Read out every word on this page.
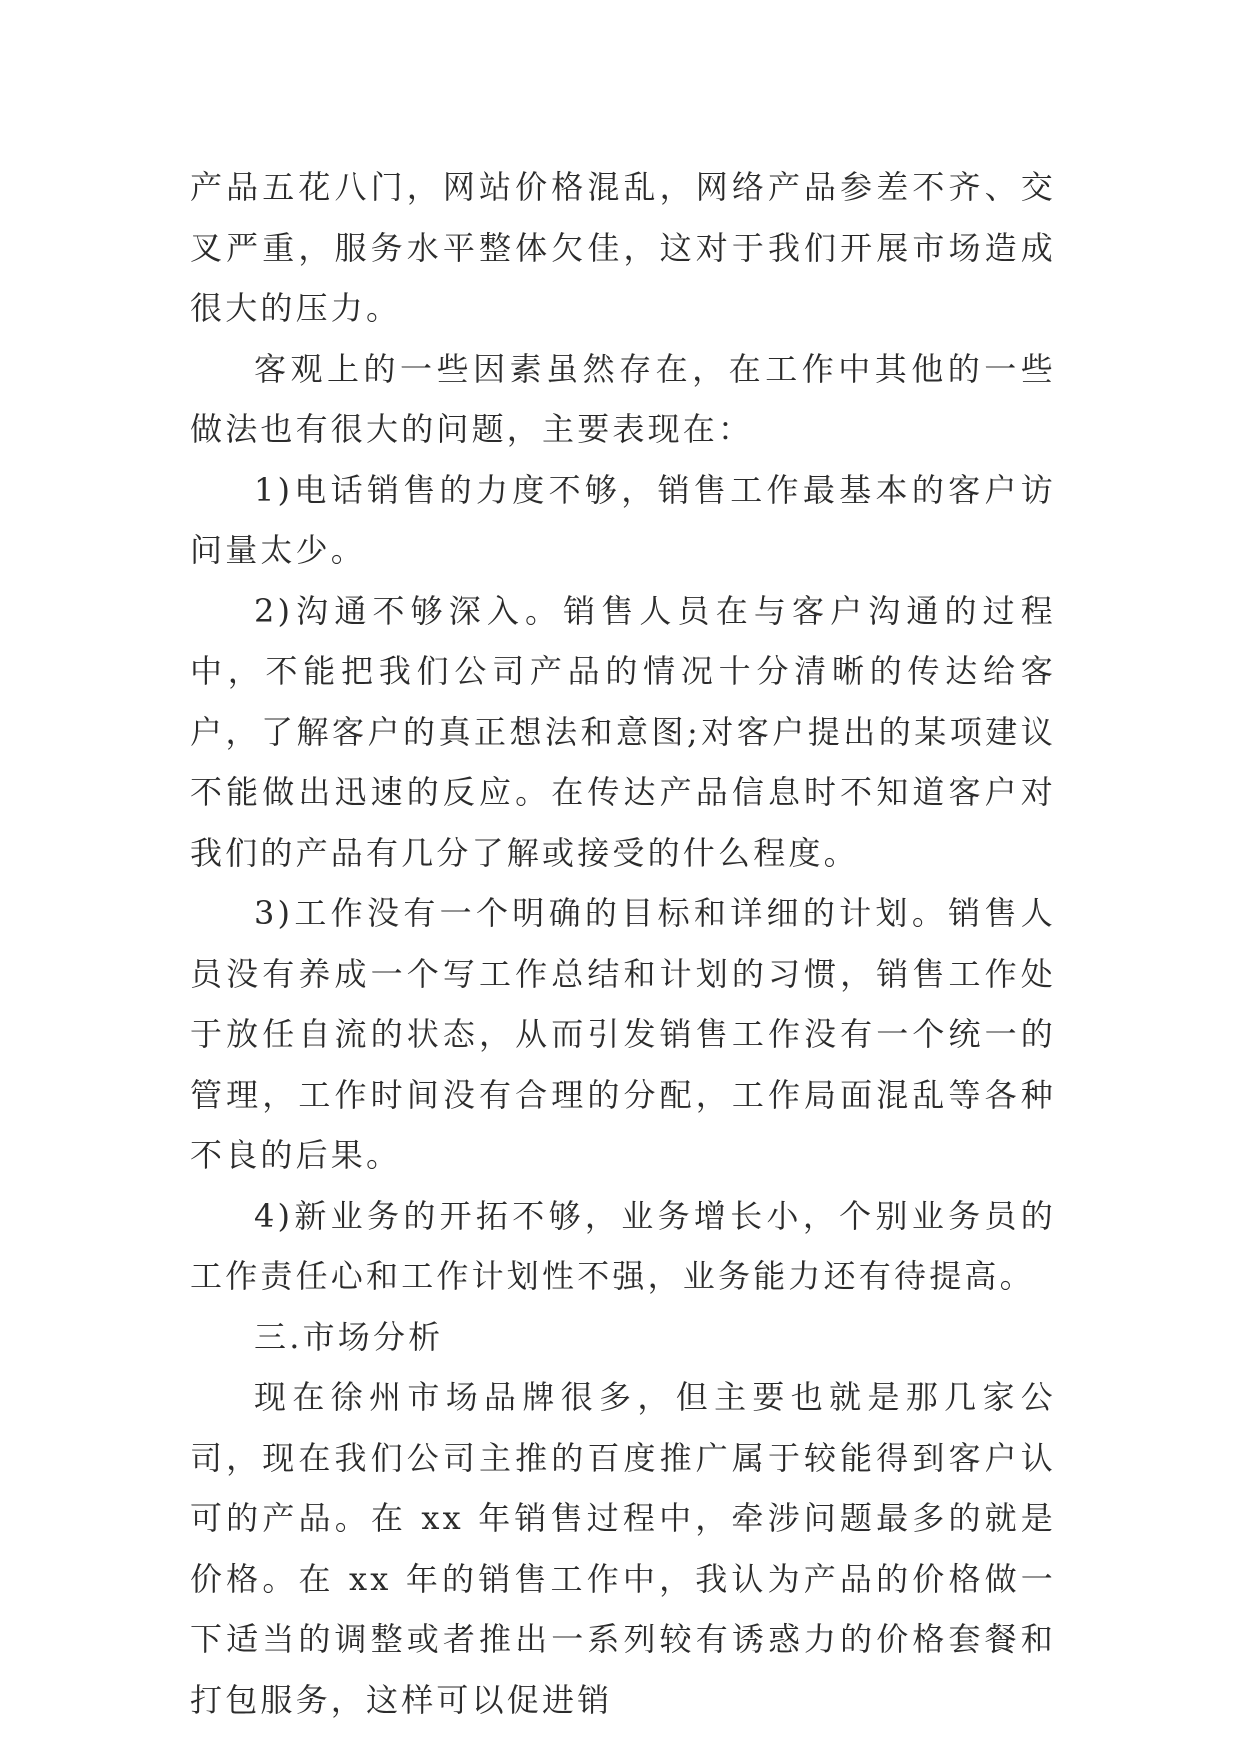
产品五花八门，网站价格混乱，网络产品参差不齐、交叉严重，服务水平整体欠佳，这对于我们开展市场造成很大的压力。

客观上的一些因素虽然存在，在工作中其他的一些做法也有很大的问题，主要表现在：

1)电话销售的力度不够，销售工作最基本的客户访问量太少。

2)沟通不够深入。销售人员在与客户沟通的过程中，不能把我们公司产品的情况十分清晰的传达给客户，了解客户的真正想法和意图;对客户提出的某项建议不能做出迅速的反应。在传达产品信息时不知道客户对我们的产品有几分了解或接受的什么程度。

3)工作没有一个明确的目标和详细的计划。销售人员没有养成一个写工作总结和计划的习惯，销售工作处于放任自流的状态，从而引发销售工作没有一个统一的管理，工作时间没有合理的分配，工作局面混乱等各种不良的后果。

4)新业务的开拓不够，业务增长小，个别业务员的工作责任心和工作计划性不强，业务能力还有待提高。

三.市场分析

现在徐州市场品牌很多，但主要也就是那几家公司，现在我们公司主推的百度推广属于较能得到客户认可的产品。在 xx 年销售过程中，牵涉问题最多的就是价格。在 xx 年的销售工作中，我认为产品的价格做一下适当的调整或者推出一系列较有诱惑力的价格套餐和打包服务，这样可以促进销
